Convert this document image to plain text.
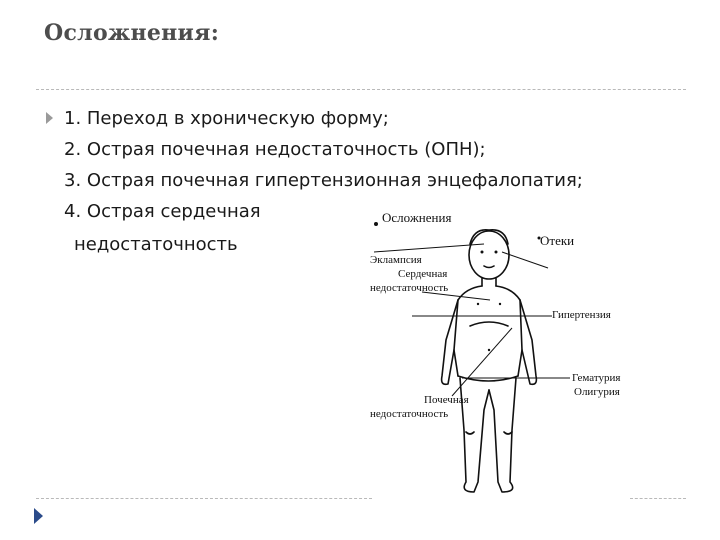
Осложнения:
1. Переход в хроническую форму;
2. Острая почечная недостаточность (ОПН);
3. Острая почечная гипертензионная энцефалопатия;
4. Острая сердечная
недостаточность
Осложнения
Отеки
Эклампсия
Сердечная
недостаточность
Почечная
недостаточность
Гипертензия
Гематурия
Олигурия
